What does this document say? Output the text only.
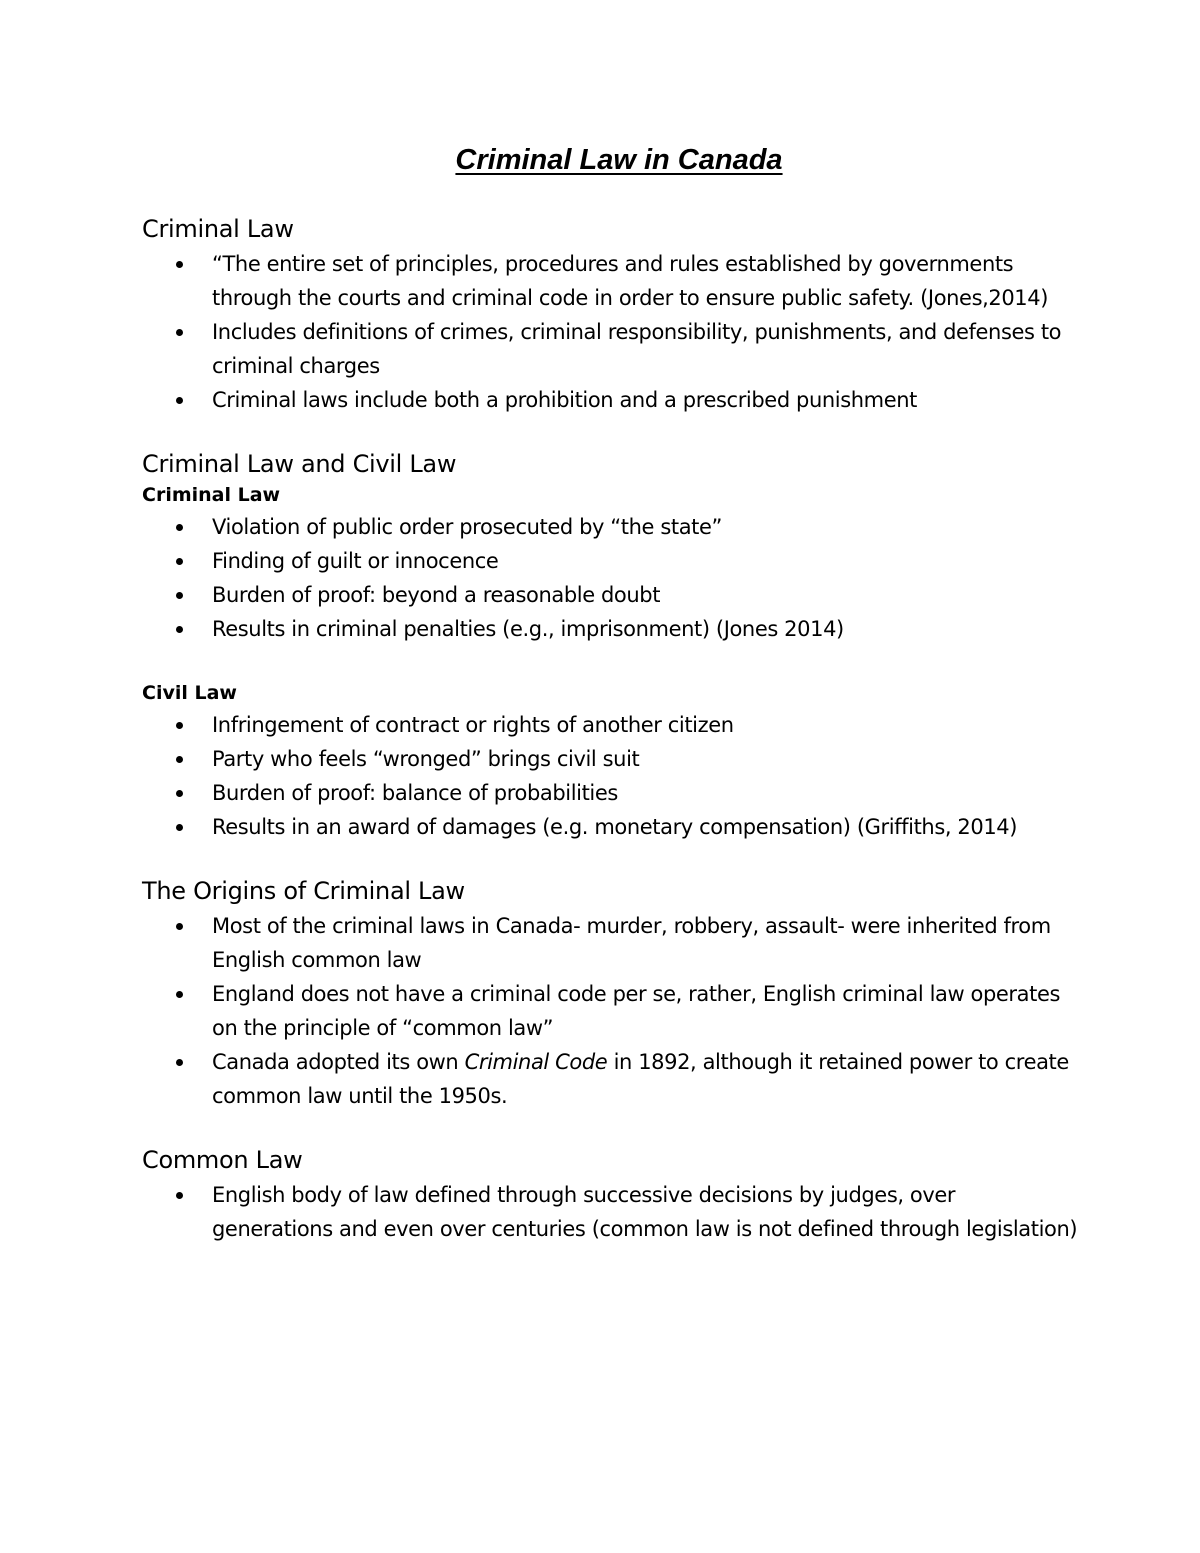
Criminal Law in Canada
Criminal Law
“The entire set of principles, procedures and rules established by governments through the courts and criminal code in order to ensure public safety. (Jones,2014)
Includes definitions of crimes, criminal responsibility, punishments, and defenses to criminal charges
Criminal laws include both a prohibition and a prescribed punishment
Criminal Law and Civil Law
Criminal Law
Violation of public order prosecuted by “the state”
Finding of guilt or innocence
Burden of proof: beyond a reasonable doubt
Results in criminal penalties (e.g., imprisonment) (Jones 2014)
Civil Law
Infringement of contract or rights of another citizen
Party who feels “wronged” brings civil suit
Burden of proof: balance of probabilities
Results in an award of damages (e.g. monetary compensation) (Griffiths, 2014)
The Origins of Criminal Law
Most of the criminal laws in Canada- murder, robbery, assault- were inherited from English common law
England does not have a criminal code per se, rather, English criminal law operates on the principle of “common law”
Canada adopted its own Criminal Code in 1892, although it retained power to create common law until the 1950s.
Common Law
English body of law defined through successive decisions by judges, over generations and even over centuries (common law is not defined through legislation)
